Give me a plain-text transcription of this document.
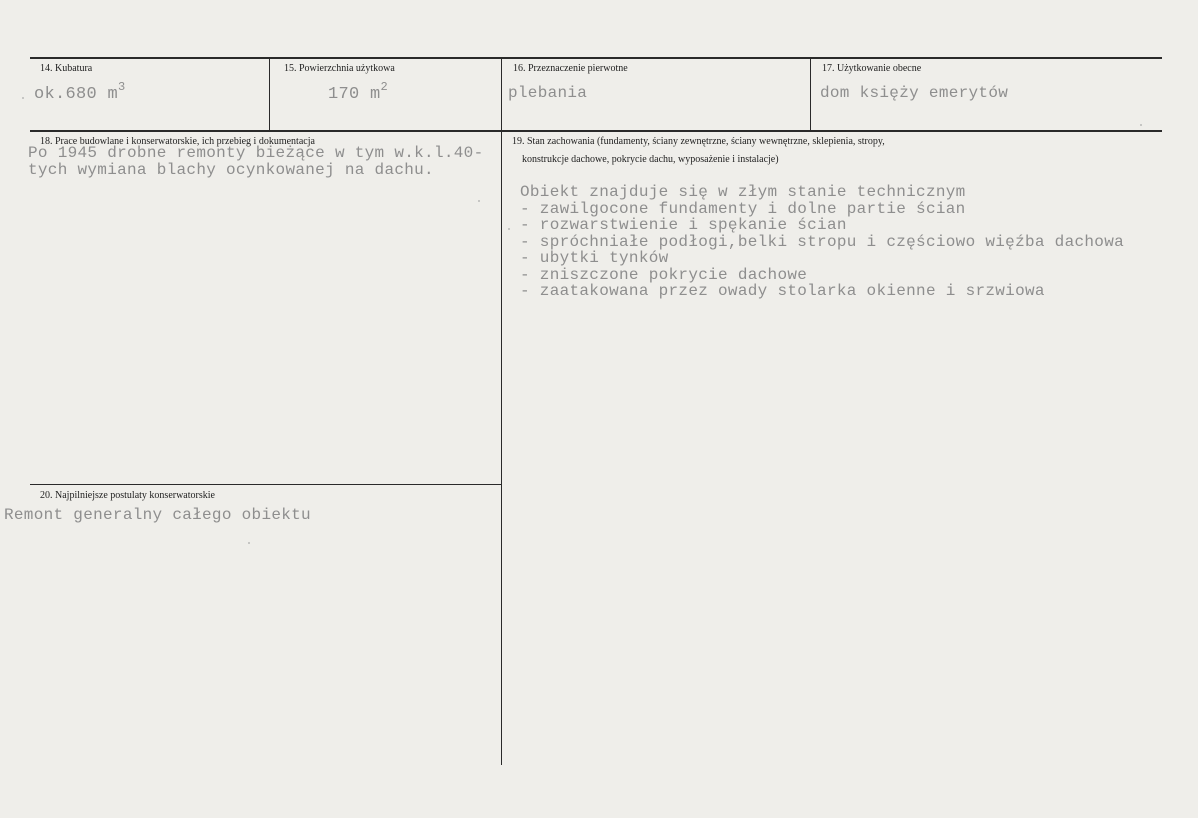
14. Kubatura
ok.680 $m^3$
15. Powierzchnia użytkowa
170 $m^2$
16. Przeznaczenie pierwotne
plebania
17. Użytkowanie obecne
dom księży emerytów
18. Prace budowlane i konserwatorskie, ich przebieg i dokumentacja
Po 1945 drobne remonty bieżące w tym w.k.l.40-
tych wymiana blachy ocynkowanej na dachu.
19. Stan zachowania (fundamenty, ściany zewnętrzne, ściany wewnętrzne, sklepienia, stropy,
konstrukcje dachowe, pokrycie dachu, wyposażenie i instalacje)
Obiekt znajduje się w złym stanie technicznym
- zawilgocone fundamenty i dolne partie ścian
- rozwarstwienie i spękanie ścian
- spróchniałe podłogi,belki stropu i częściowo więźba dachowa
- ubytki tynków
- zniszczone pokrycie dachowe
- zaatakowana przez owady stolarka okienne i srzwiowa
20. Najpilniejsze postulaty konserwatorskie
Remont generalny całego obiektu
